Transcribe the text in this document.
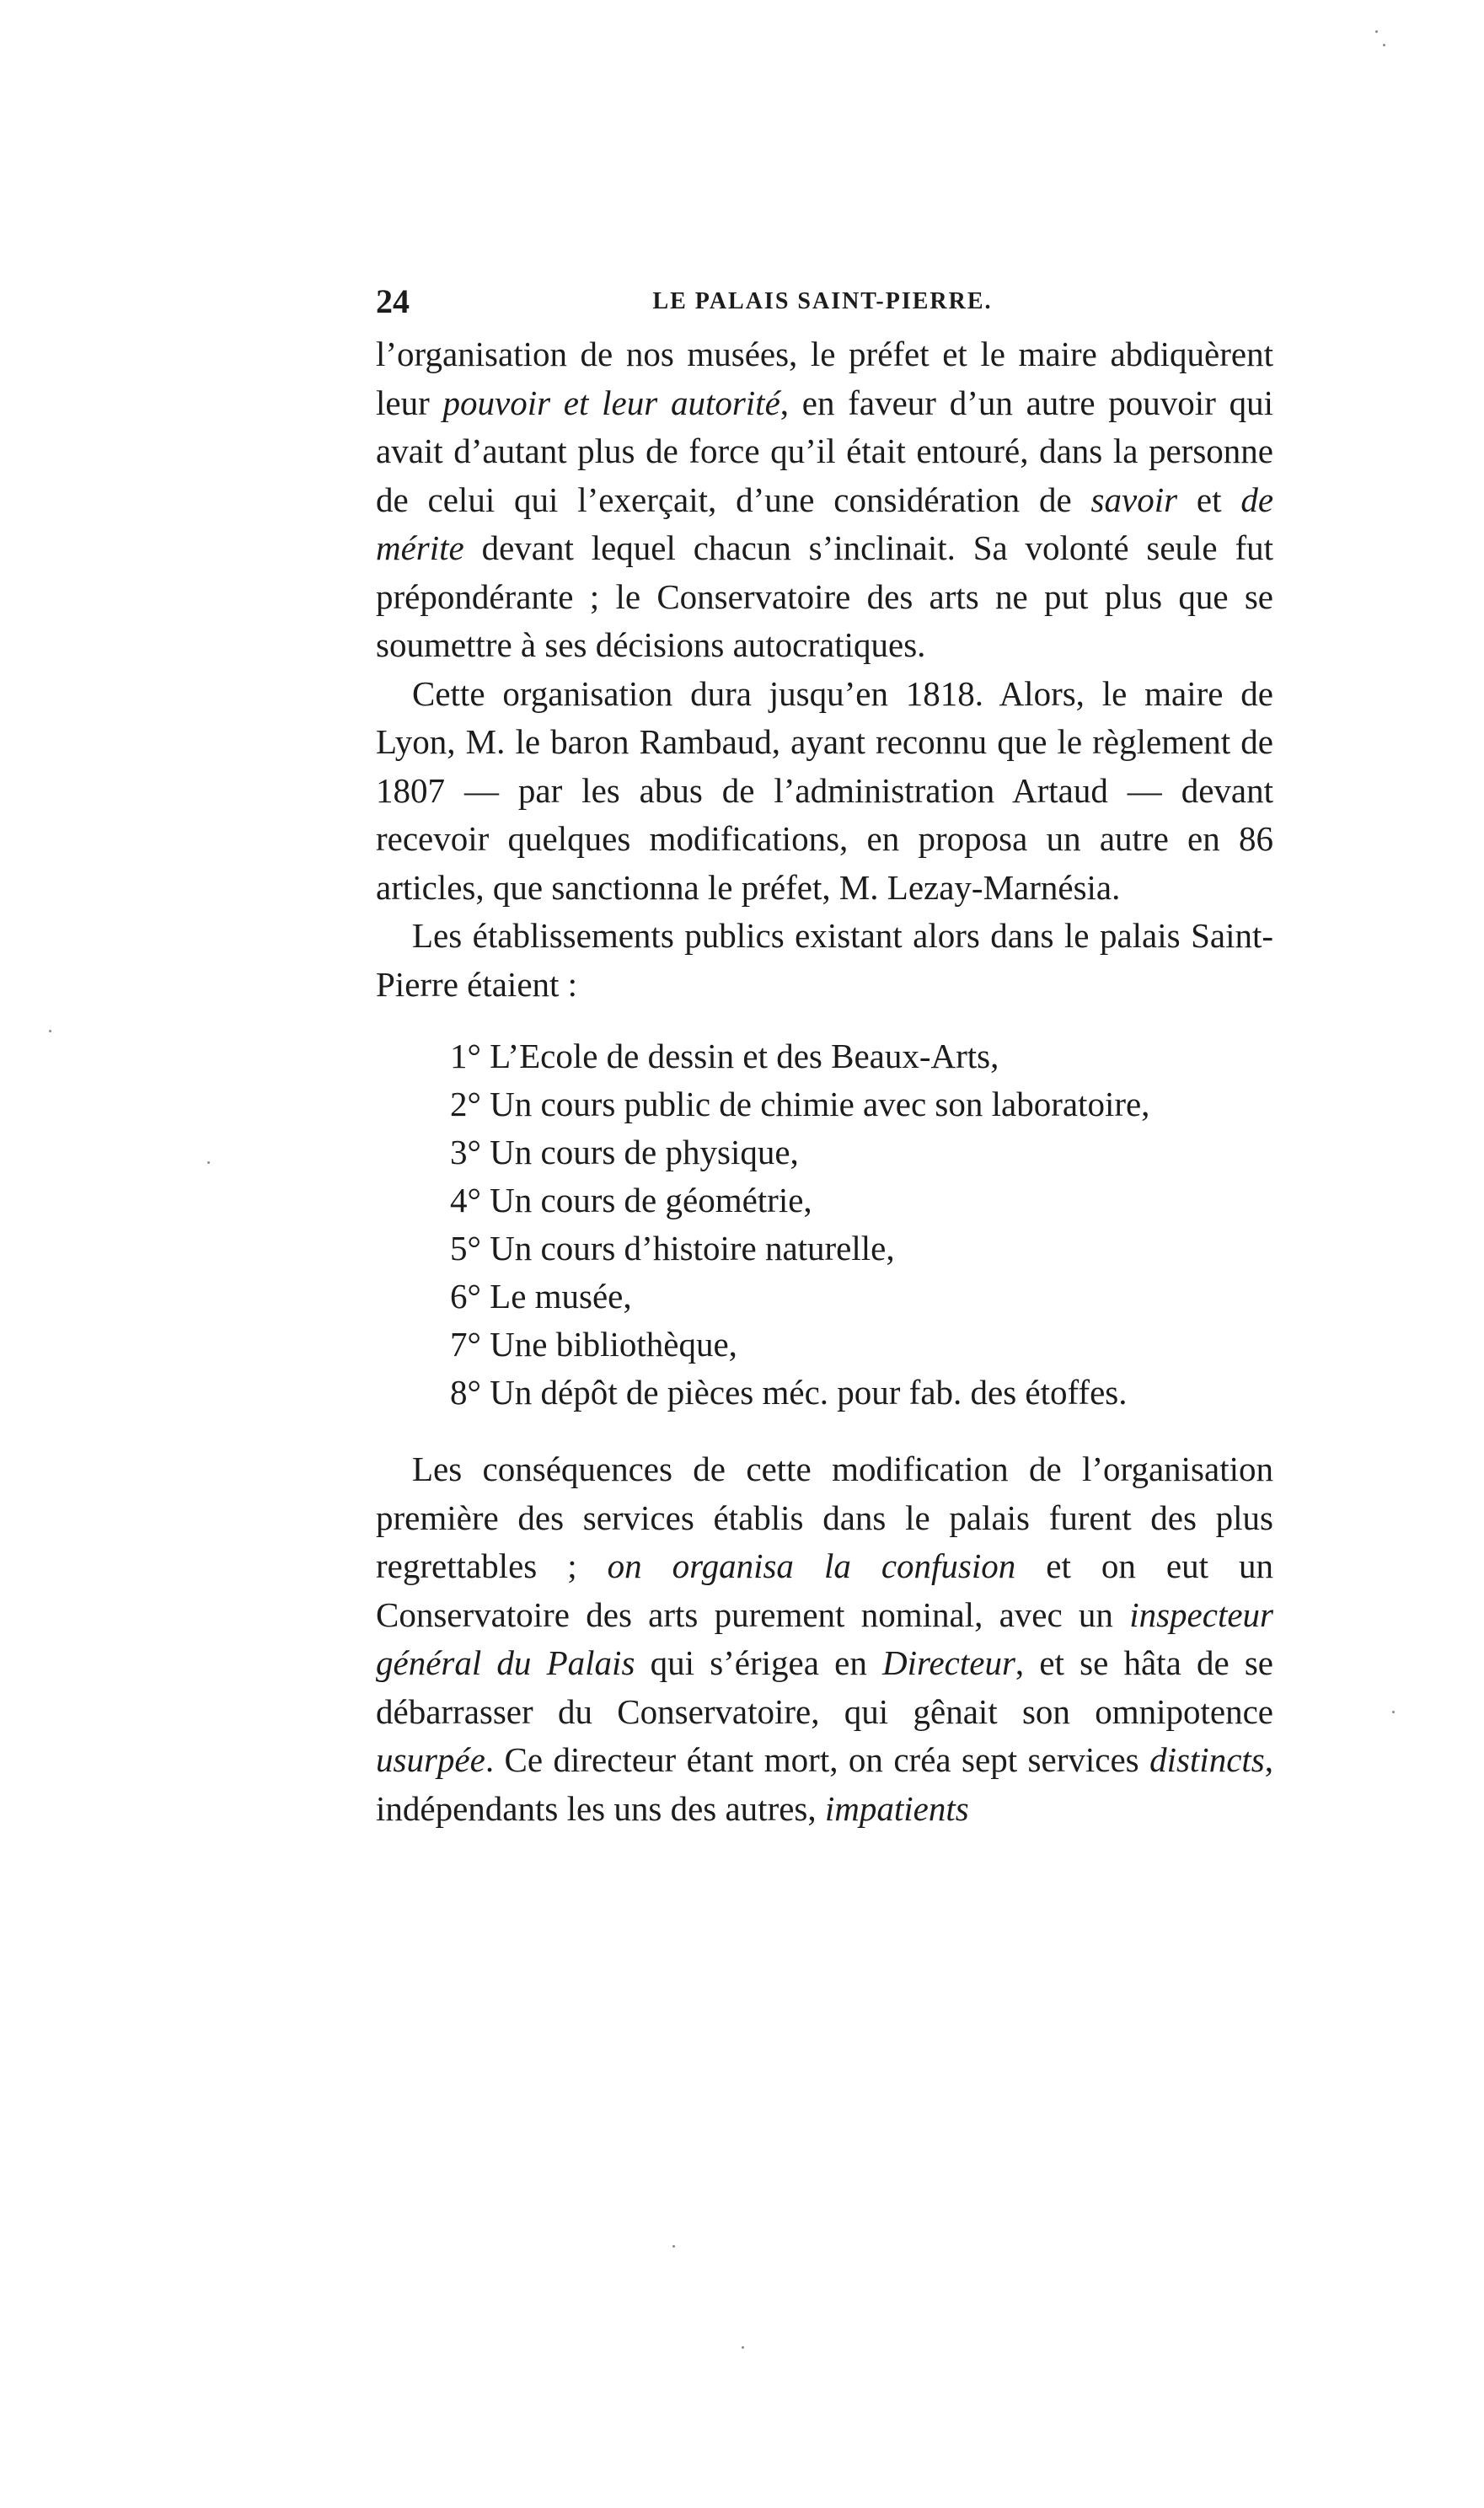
24	LE PALAIS SAINT-PIERRE.

l’organisation de nos musées, le préfet et le maire abdiquèrent leur pouvoir et leur autorité, en faveur d’un autre pouvoir qui avait d’autant plus de force qu’il était entouré, dans la personne de celui qui l’exerçait, d’une considération de savoir et de mérite devant lequel chacun s’inclinait. Sa volonté seule fut prépondérante ; le Conservatoire des arts ne put plus que se soumettre à ses décisions autocratiques.

Cette organisation dura jusqu’en 1818. Alors, le maire de Lyon, M. le baron Rambaud, ayant reconnu que le règlement de 1807 — par les abus de l’administration Artaud — devant recevoir quelques modifications, en proposa un autre en 86 articles, que sanctionna le préfet, M. Lezay-Marnésia.

Les établissements publics existant alors dans le palais Saint-Pierre étaient :

1° L’Ecole de dessin et des Beaux-Arts,
2° Un cours public de chimie avec son laboratoire,
3° Un cours de physique,
4° Un cours de géométrie,
5° Un cours d’histoire naturelle,
6° Le musée,
7° Une bibliothèque,
8° Un dépôt de pièces méc. pour fab. des étoffes.

Les conséquences de cette modification de l’organisation première des services établis dans le palais furent des plus regrettables ; on organisa la confusion et on eut un Conservatoire des arts purement nominal, avec un inspecteur général du Palais qui s’érigea en Directeur, et se hâta de se débarrasser du Conservatoire, qui gênait son omnipotence usurpée. Ce directeur étant mort, on créa sept services distincts, indépendants les uns des autres, impatients
